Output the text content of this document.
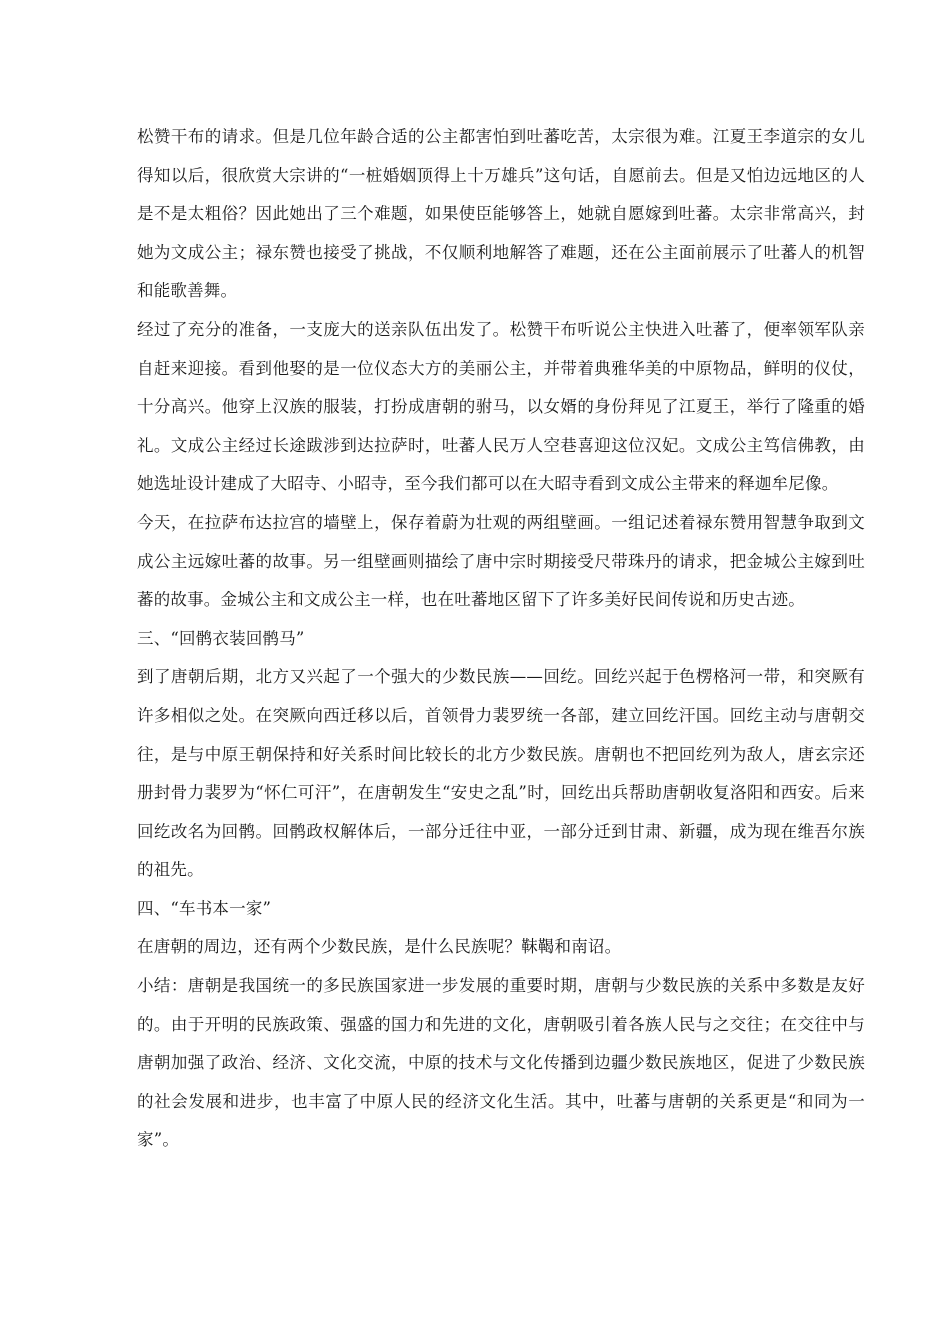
松赞干布的请求。但是几位年龄合适的公主都害怕到吐蕃吃苦，太宗很为难。江夏王李道宗的女儿得知以后，很欣赏大宗讲的“一桩婚姻顶得上十万雄兵”这句话，自愿前去。但是又怕边远地区的人是不是太粗俗？因此她出了三个难题，如果使臣能够答上，她就自愿嫁到吐蕃。太宗非常高兴，封她为文成公主；禄东赞也接受了挑战，不仅顺利地解答了难题，还在公主面前展示了吐蕃人的机智和能歌善舞。

经过了充分的准备，一支庞大的送亲队伍出发了。松赞干布听说公主快进入吐蕃了，便率领军队亲自赶来迎接。看到他娶的是一位仪态大方的美丽公主，并带着典雅华美的中原物品，鲜明的仪仗，十分高兴。他穿上汉族的服装，打扮成唐朝的驸马，以女婿的身份拜见了江夏王，举行了隆重的婚礼。文成公主经过长途跋涉到达拉萨时，吐蕃人民万人空巷喜迎这位汉妃。文成公主笃信佛教，由她选址设计建成了大昭寺、小昭寺，至今我们都可以在大昭寺看到文成公主带来的释迦牟尼像。

今天，在拉萨布达拉宫的墙壁上，保存着蔚为壮观的两组壁画。一组记述着禄东赞用智慧争取到文成公主远嫁吐蕃的故事。另一组壁画则描绘了唐中宗时期接受尺带珠丹的请求，把金城公主嫁到吐蕃的故事。金城公主和文成公主一样，也在吐蕃地区留下了许多美好民间传说和历史古迹。

三、“回鹘衣装回鹘马”

到了唐朝后期，北方又兴起了一个强大的少数民族——回纥。回纥兴起于色楞格河一带，和突厥有许多相似之处。在突厥向西迁移以后，首领骨力裴罗统一各部，建立回纥汗国。回纥主动与唐朝交往，是与中原王朝保持和好关系时间比较长的北方少数民族。唐朝也不把回纥列为敌人，唐玄宗还册封骨力裴罗为“怀仁可汗”，在唐朝发生“安史之乱”时，回纥出兵帮助唐朝收复洛阳和西安。后来回纥改名为回鹘。回鹘政权解体后，一部分迁往中亚，一部分迁到甘肃、新疆，成为现在维吾尔族的祖先。

四、“车书本一家”

在唐朝的周边，还有两个少数民族，是什么民族呢？靺鞨和南诏。

小结：唐朝是我国统一的多民族国家进一步发展的重要时期，唐朝与少数民族的关系中多数是友好的。由于开明的民族政策、强盛的国力和先进的文化，唐朝吸引着各族人民与之交往；在交往中与唐朝加强了政治、经济、文化交流，中原的技术与文化传播到边疆少数民族地区，促进了少数民族的社会发展和进步，也丰富了中原人民的经济文化生活。其中，吐蕃与唐朝的关系更是“和同为一家”。
